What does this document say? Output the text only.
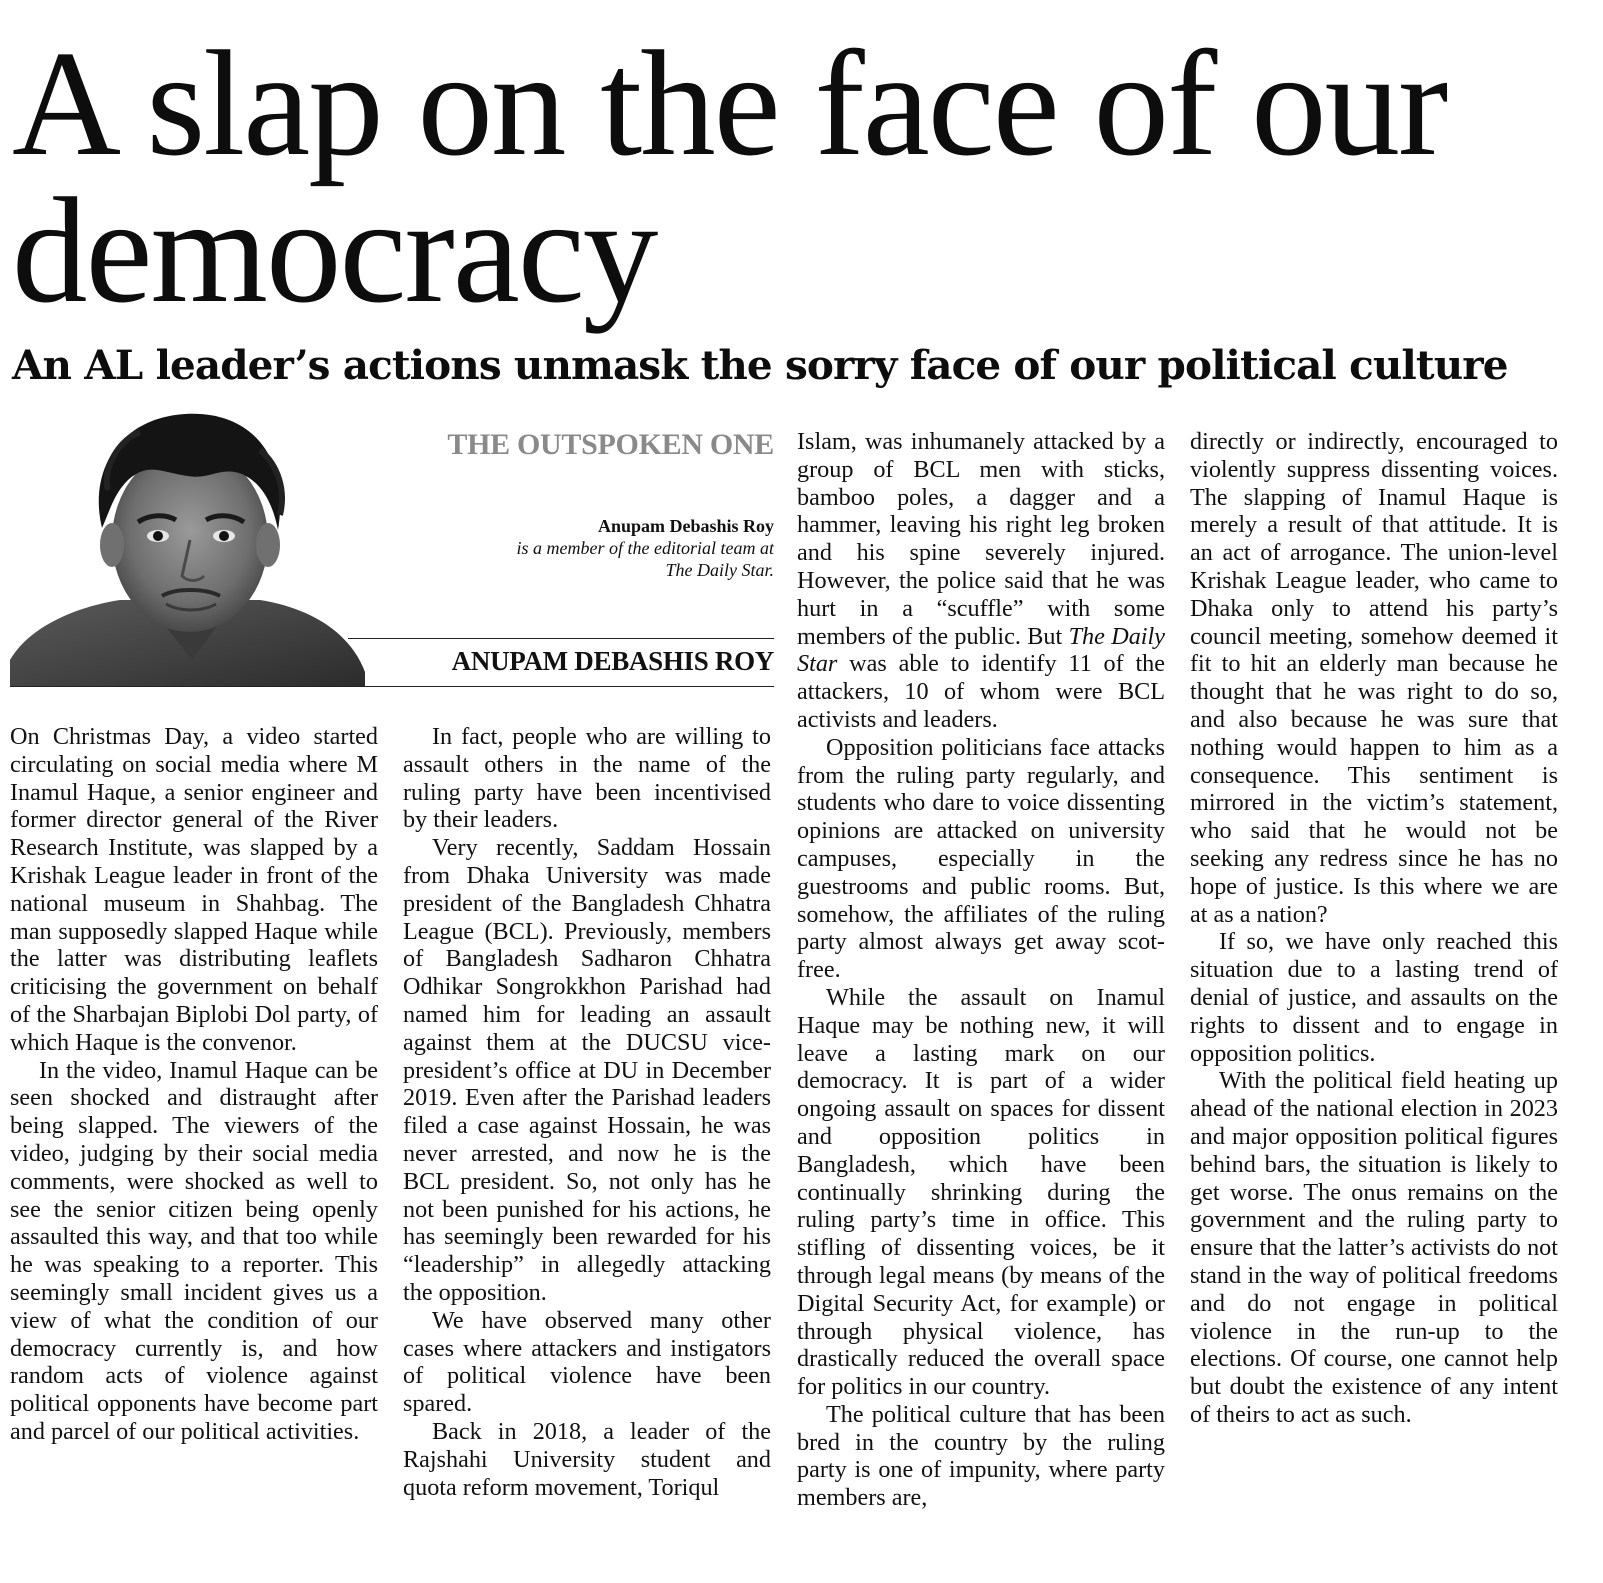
A slap on the face of our democracy
An AL leader’s actions unmask the sorry face of our political culture
THE OUTSPOKEN ONE
Anupam Debashis Roy
is a member of the editorial team at The Daily Star.
ANUPAM DEBASHIS ROY

On Christmas Day, a video started circulating on social media where M Inamul Haque, a senior engineer and former director general of the River Research Institute, was slapped by a Krishak League leader in front of the national museum in Shahbag. The man supposedly slapped Haque while the latter was distributing leaflets criticising the government on behalf of the Sharbajan Biplobi Dol party, of which Haque is the convenor.

In the video, Inamul Haque can be seen shocked and distraught after being slapped. The viewers of the video, judging by their social media comments, were shocked as well to see the senior citizen being openly assaulted this way, and that too while he was speaking to a reporter. This seemingly small incident gives us a view of what the condition of our democracy currently is, and how random acts of violence against political opponents have become part and parcel of our political activities.

In fact, people who are willing to assault others in the name of the ruling party have been incentivised by their leaders.

Very recently, Saddam Hossain from Dhaka University was made president of the Bangladesh Chhatra League (BCL). Previously, members of Bangladesh Sadharon Chhatra Odhikar Songrokkhon Parishad had named him for leading an assault against them at the DUCSU vice-president’s office at DU in December 2019. Even after the Parishad leaders filed a case against Hossain, he was never arrested, and now he is the BCL president. So, not only has he not been punished for his actions, he has seemingly been rewarded for his “leadership” in allegedly attacking the opposition.

We have observed many other cases where attackers and instigators of political violence have been spared.

Back in 2018, a leader of the Rajshahi University student and quota reform movement, Toriqul

Islam, was inhumanely attacked by a group of BCL men with sticks, bamboo poles, a dagger and a hammer, leaving his right leg broken and his spine severely injured. However, the police said that he was hurt in a “scuffle” with some members of the public. But The Daily Star was able to identify 11 of the attackers, 10 of whom were BCL activists and leaders.

Opposition politicians face attacks from the ruling party regularly, and students who dare to voice dissenting opinions are attacked on university campuses, especially in the guestrooms and public rooms. But, somehow, the affiliates of the ruling party almost always get away scot-free.

While the assault on Inamul Haque may be nothing new, it will leave a lasting mark on our democracy. It is part of a wider ongoing assault on spaces for dissent and opposition politics in Bangladesh, which have been continually shrinking during the ruling party’s time in office. This stifling of dissenting voices, be it through legal means (by means of the Digital Security Act, for example) or through physical violence, has drastically reduced the overall space for politics in our country.

The political culture that has been bred in the country by the ruling party is one of impunity, where party members are,

directly or indirectly, encouraged to violently suppress dissenting voices. The slapping of Inamul Haque is merely a result of that attitude. It is an act of arrogance. The union-level Krishak League leader, who came to Dhaka only to attend his party’s council meeting, somehow deemed it fit to hit an elderly man because he thought that he was right to do so, and also because he was sure that nothing would happen to him as a consequence. This sentiment is mirrored in the victim’s statement, who said that he would not be seeking any redress since he has no hope of justice. Is this where we are at as a nation?

If so, we have only reached this situation due to a lasting trend of denial of justice, and assaults on the rights to dissent and to engage in opposition politics.

With the political field heating up ahead of the national election in 2023 and major opposition political figures behind bars, the situation is likely to get worse. The onus remains on the government and the ruling party to ensure that the latter’s activists do not stand in the way of political freedoms and do not engage in political violence in the run-up to the elections. Of course, one cannot help but doubt the existence of any intent of theirs to act as such.
